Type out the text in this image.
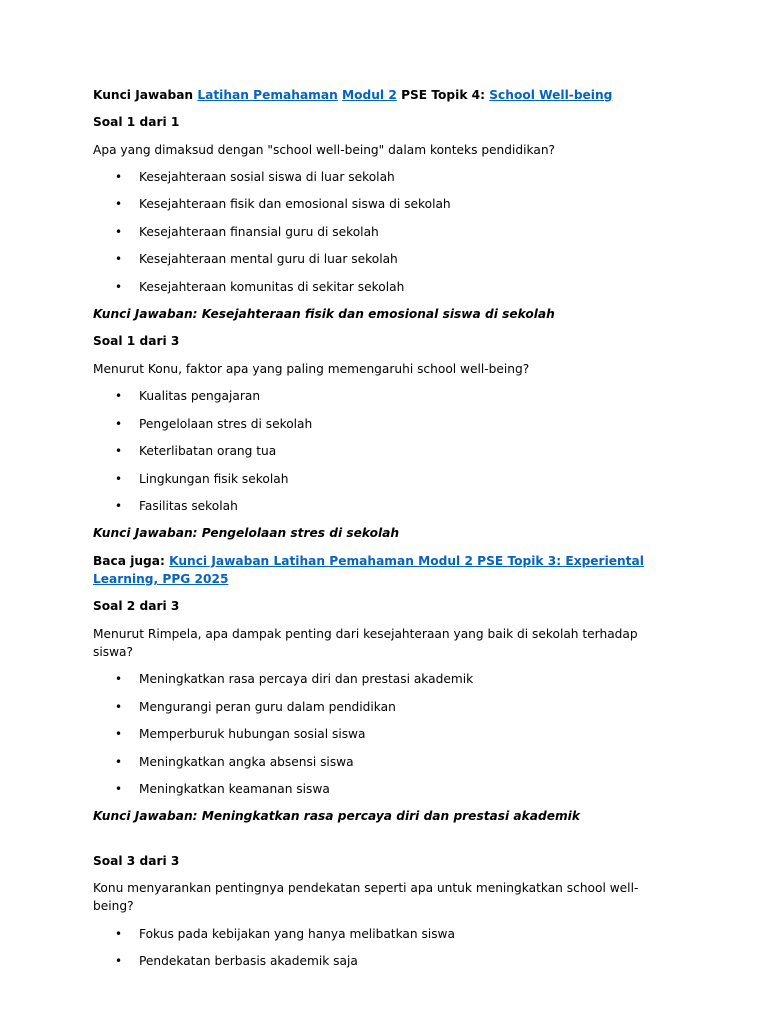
Kunci Jawaban Latihan Pemahaman Modul 2 PSE Topik 4: School Well-being

Soal 1 dari 1

Apa yang dimaksud dengan "school well-being" dalam konteks pendidikan?

• Kesejahteraan sosial siswa di luar sekolah
• Kesejahteraan fisik dan emosional siswa di sekolah
• Kesejahteraan finansial guru di sekolah
• Kesejahteraan mental guru di luar sekolah
• Kesejahteraan komunitas di sekitar sekolah

Kunci Jawaban: Kesejahteraan fisik dan emosional siswa di sekolah

Soal 1 dari 3

Menurut Konu, faktor apa yang paling memengaruhi school well-being?

• Kualitas pengajaran
• Pengelolaan stres di sekolah
• Keterlibatan orang tua
• Lingkungan fisik sekolah
• Fasilitas sekolah

Kunci Jawaban: Pengelolaan stres di sekolah

Baca juga: Kunci Jawaban Latihan Pemahaman Modul 2 PSE Topik 3: Experiental Learning, PPG 2025

Soal 2 dari 3

Menurut Rimpela, apa dampak penting dari kesejahteraan yang baik di sekolah terhadap siswa?

• Meningkatkan rasa percaya diri dan prestasi akademik
• Mengurangi peran guru dalam pendidikan
• Memperburuk hubungan sosial siswa
• Meningkatkan angka absensi siswa
• Meningkatkan keamanan siswa

Kunci Jawaban: Meningkatkan rasa percaya diri dan prestasi akademik

Soal 3 dari 3

Konu menyarankan pentingnya pendekatan seperti apa untuk meningkatkan school well-being?

• Fokus pada kebijakan yang hanya melibatkan siswa
• Pendekatan berbasis akademik saja
